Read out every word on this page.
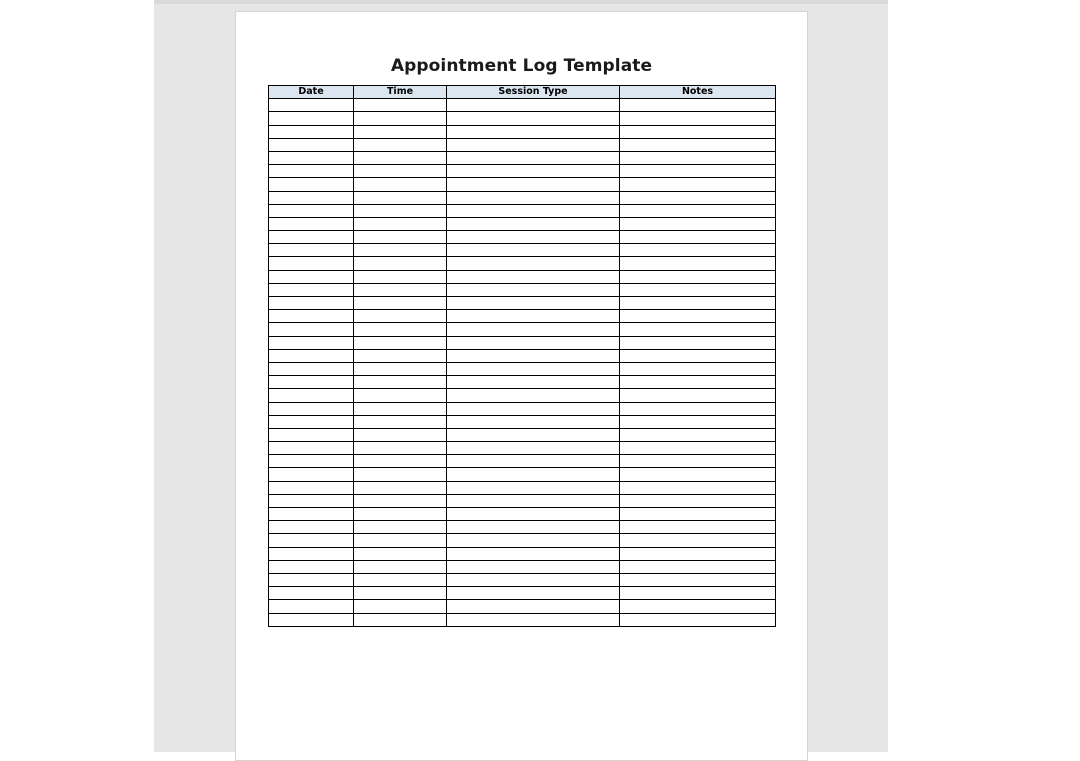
Appointment Log Template
Date	Time	Session Type	Notes
